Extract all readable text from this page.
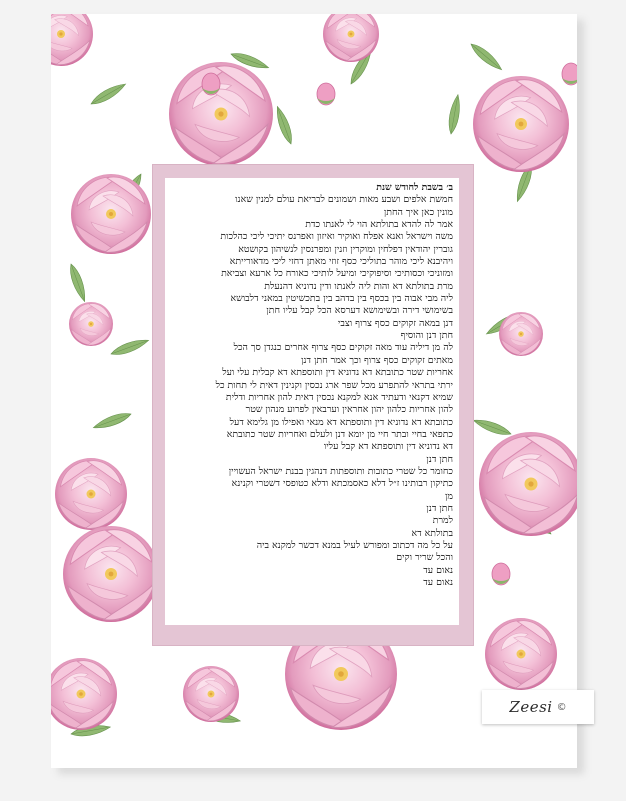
ב׳ בשבת לחודש שנת
חמשת אלפים ושבע מאות ושמונים לבריאת עולם למנין שאנו
מונין כאן איך החתן
אמר לה להדא בתולתא הוי לי לאנתו כדת
משה וישראל ואנא אפלח ואוקיר ואיזון ואפרנס יתיכי ליכי כהלכות
גוברין יהודאין דפלחין ומוקרין וזנין ומפרנסין לנשיהון בקושטא
ויהיבנא ליכי מוהר בתוליכי כסף זוזי מאתן דחזי ליכי מדאורייתא
ומזוניכי וכסותיכי וסיפוקיכי ומיעל לותיכי כאורח כל ארעא וצביאת
מרת בתולתא דא והות ליה לאנתו ודין נדוניא דהנעלת
ליה מבי אבוה בין בכסף בין בדהב בין בתכשיטין במאני דלבושא
בשימושי דירה ובשימושא דערסא הכל קבל עליו חתן
דנן במאה זקוקים כסף צרוף וצבי
חתן דנן והוסיף
לה מן דיליה עוד מאה זקוקים כסף צרוף אחרים כנגדן סך הכל
מאתים זקוקים כסף צרוף וכך אמר חתן דנן
אחריות שטר כתובתא דא נדוניא דין ותוספתא דא קבלית עלי ועל
ירתי בתראי להתפרע מכל שפר ארג נכסין וקנינין דאית לי תחות כל
שמיא דקנאי ודעתיד אנא למקנא נכסין דאית להון אחריות ודלית
להון אחריות כלהון יהון אחראין וערבאין לפרוע מנהון שטר
כתובתא דא נדוניא דין ותוספתא דא מנאי ואפילו מן גלימא דעל
כתפאי בחיי ובתר חיי מן יומא דנן ולעלם ואחריות שטר כתובתא
דא נדוניא דין ותוספתא דא קבל עליו
חתן דנן
כחומר כל שטרי כתובות ותוספתות דנהגין בבנת ישראל העשויין
כתיקון רבותינו ז״ל דלא כאסמכתא ודלא כטופסי דשטרי וקנינא
מן
חתן דנן
למרת
בתולתא דא
על כל מה דכתוב ומפורש לעיל במנא דכשר למקנא ביה
והכל שריר וקים
נאום עד
נאום עד
Zeesi ©
